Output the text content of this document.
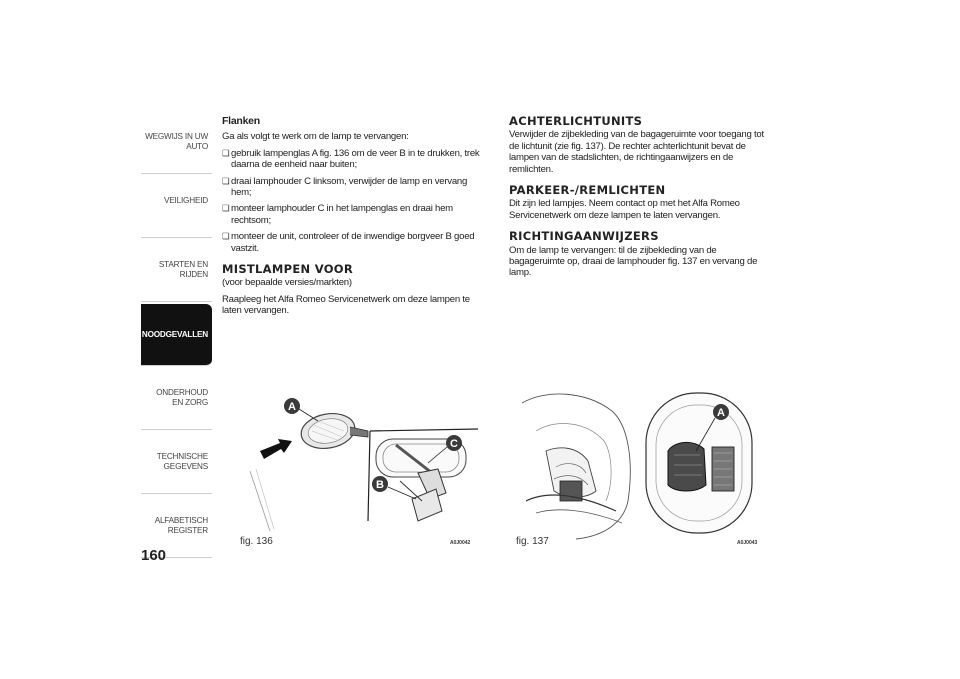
WEGWIJS IN UW AUTO
VEILIGHEID
STARTEN EN RIJDEN
NOODGEVALLEN
ONDERHOUD EN ZORG
TECHNISCHE GEGEVENS
ALFABETISCH REGISTER
160
Flanken

Ga als volgt te werk om de lamp te vervangen:

❏ gebruik lampenglas A fig. 136 om de veer B in te drukken, trek daarna de eenheid naar buiten;
❏ draai lamphouder C linksom, verwijder de lamp en vervang hem;
❏ monteer lamphouder C in het lampenglas en draai hem rechtsom;
❏ monteer de unit, controleer of de inwendige borgveer B goed vastzit.
MISTLAMPEN VOOR

(voor bepaalde versies/markten)

Raapleeg het Alfa Romeo Servicenetwerk om deze lampen te laten vervangen.

ACHTERLICHTUNITS

Verwijder de zijbekleding van de bagageruimte voor toegang tot de lichtunit (zie fig. 137). De rechter achterlichtunit bevat de lampen van de stadslichten, de richtingaanwijzers en de remlichten.

PARKEER-/REMLICHTEN

Dit zijn led lampjes. Neem contact op met het Alfa Romeo Servicenetwerk om deze lampen te laten vervangen.

RICHTINGAANWIJZERS

Om de lamp te vervangen: til de zijbekleding van de bagageruimte op, draai de lamphouder fig. 137 en vervang de lamp.

A
C
B
fig. 136	A0J0042
A
fig. 137	A0J0043
